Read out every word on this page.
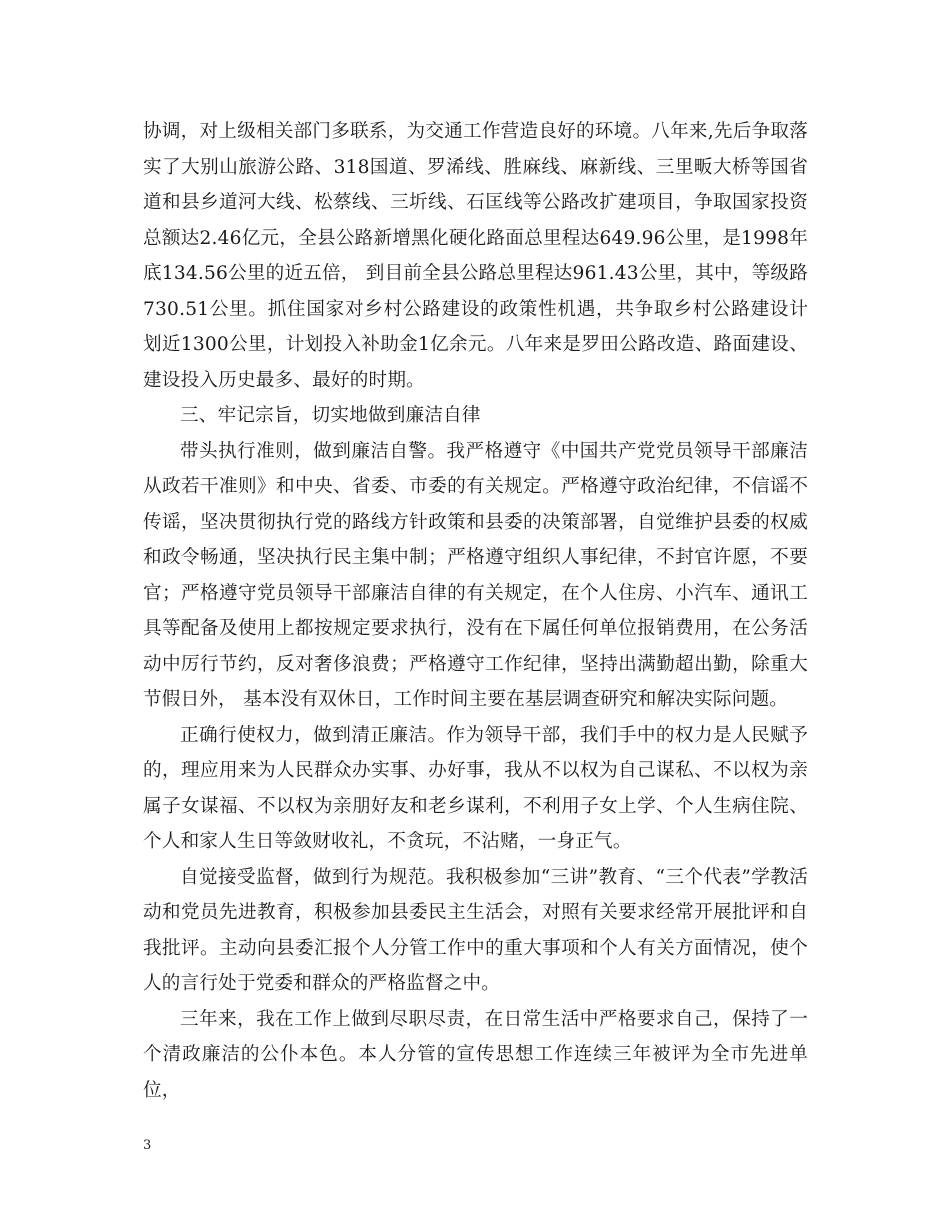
协调，对上级相关部门多联系，为交通工作营造良好的环境。八年来,先后争取落实了大别山旅游公路、318国道、罗浠线、胜麻线、麻新线、三里畈大桥等国省道和县乡道河大线、松蔡线、三圻线、石匡线等公路改扩建项目，争取国家投资总额达2.46亿元，全县公路新增黑化硬化路面总里程达649.96公里，是1998年底134.56公里的近五倍， 到目前全县公路总里程达961.43公里，其中，等级路730.51公里。抓住国家对乡村公路建设的政策性机遇，共争取乡村公路建设计划近1300公里，计划投入补助金1亿余元。八年来是罗田公路改造、路面建设、建设投入历史最多、最好的时期。

三、牢记宗旨，切实地做到廉洁自律

带头执行准则，做到廉洁自警。我严格遵守《中国共产党党员领导干部廉洁从政若干准则》和中央、省委、市委的有关规定。严格遵守政治纪律，不信谣不传谣，坚决贯彻执行党的路线方针政策和县委的决策部署，自觉维护县委的权威和政令畅通，坚决执行民主集中制；严格遵守组织人事纪律，不封官许愿，不要官；严格遵守党员领导干部廉洁自律的有关规定，在个人住房、小汽车、通讯工具等配备及使用上都按规定要求执行，没有在下属任何单位报销费用，在公务活动中厉行节约，反对奢侈浪费；严格遵守工作纪律，坚持出满勤超出勤，除重大节假日外， 基本没有双休日，工作时间主要在基层调查研究和解决实际问题。

正确行使权力，做到清正廉洁。作为领导干部，我们手中的权力是人民赋予的，理应用来为人民群众办实事、办好事，我从不以权为自己谋私、不以权为亲属子女谋福、不以权为亲朋好友和老乡谋利，不利用子女上学、个人生病住院、个人和家人生日等敛财收礼，不贪玩，不沾赌，一身正气。

自觉接受监督，做到行为规范。我积极参加“三讲”教育、“三个代表”学教活动和党员先进教育，积极参加县委民主生活会，对照有关要求经常开展批评和自我批评。主动向县委汇报个人分管工作中的重大事项和个人有关方面情况，使个人的言行处于党委和群众的严格监督之中。

三年来，我在工作上做到尽职尽责，在日常生活中严格要求自己，保持了一个清政廉洁的公仆本色。本人分管的宣传思想工作连续三年被评为全市先进单位，

3
